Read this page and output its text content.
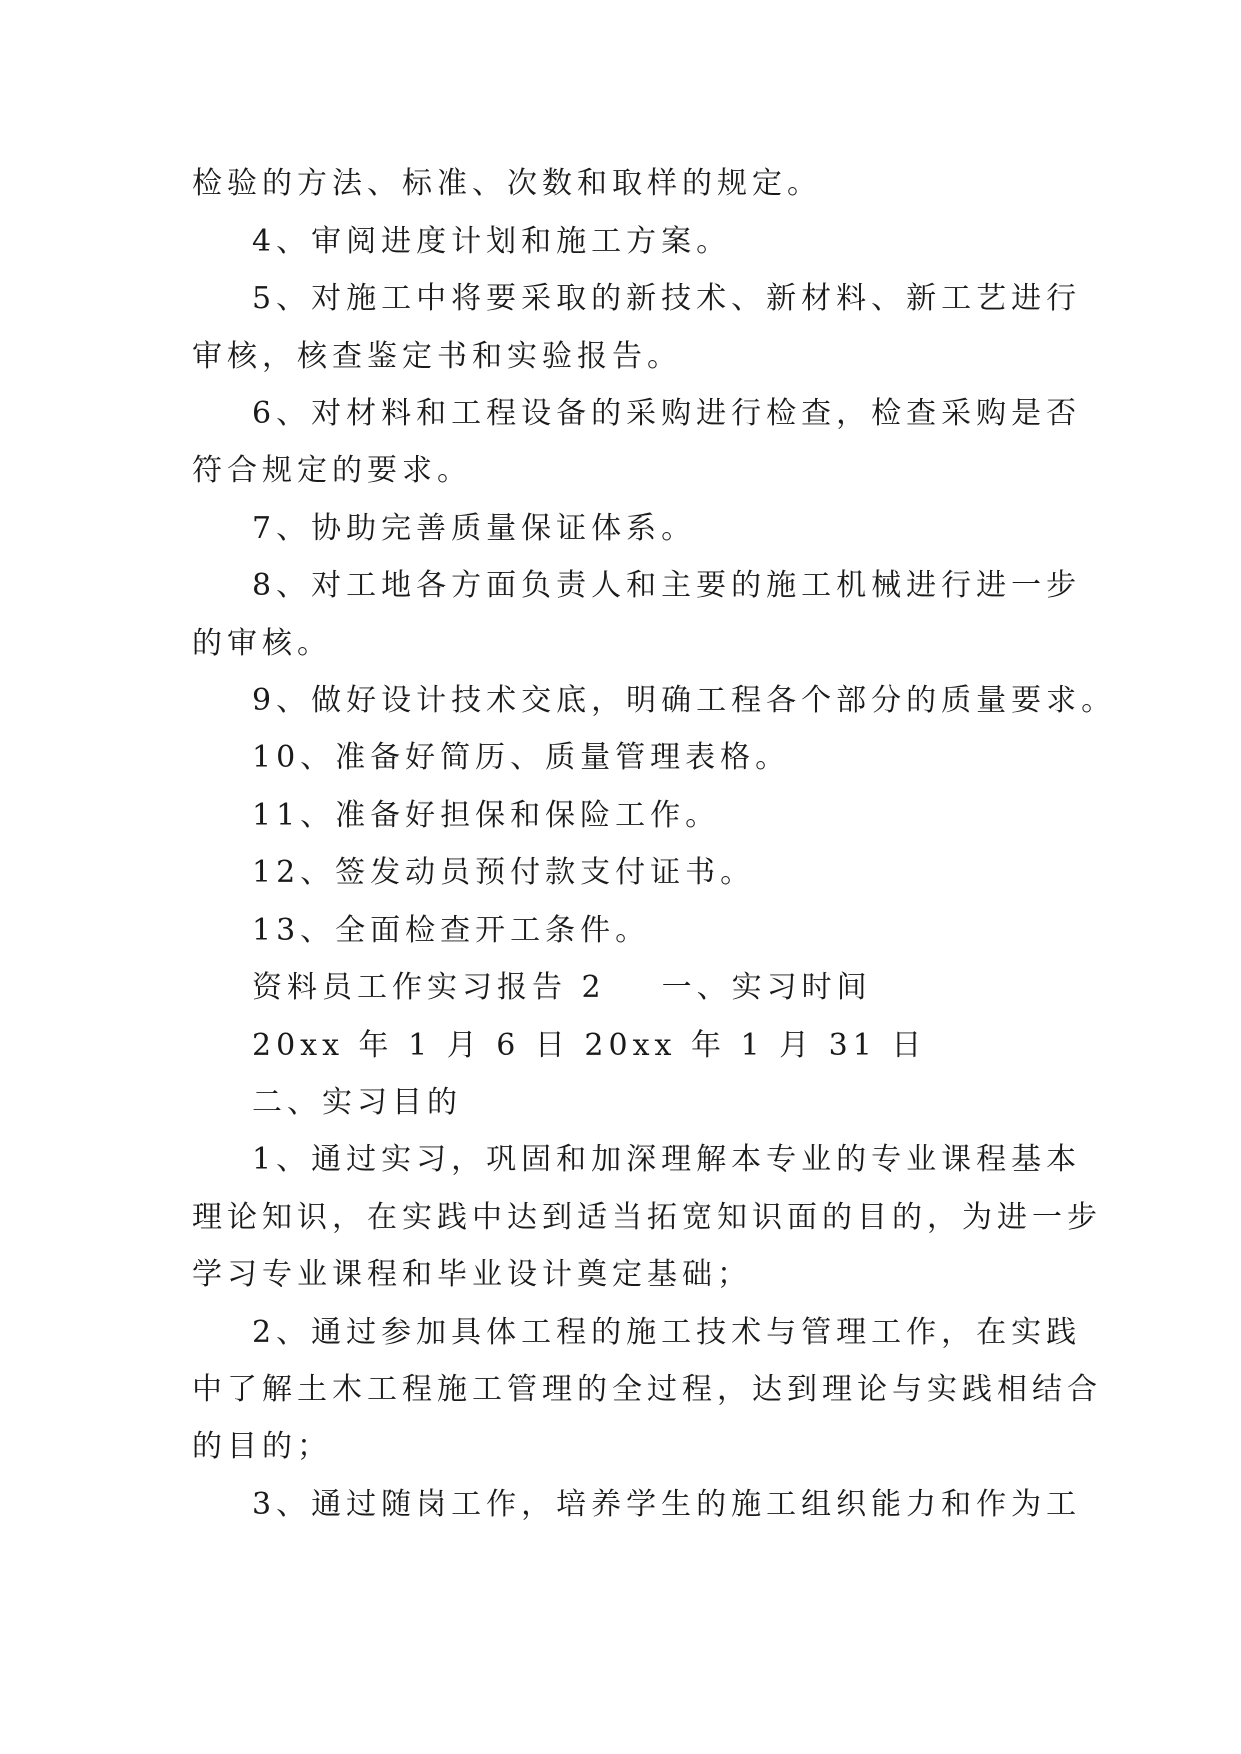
检验的方法、标准、次数和取样的规定。
4、审阅进度计划和施工方案。
5、对施工中将要采取的新技术、新材料、新工艺进行
审核，核查鉴定书和实验报告。
6、对材料和工程设备的采购进行检查，检查采购是否
符合规定的要求。
7、协助完善质量保证体系。
8、对工地各方面负责人和主要的施工机械进行进一步
的审核。
9、做好设计技术交底，明确工程各个部分的质量要求。
10、准备好简历、质量管理表格。
11、准备好担保和保险工作。
12、签发动员预付款支付证书。
13、全面检查开工条件。
资料员工作实习报告 2 一、实习时间
20xx 年 1 月 6 日 20xx 年 1 月 31 日
二、实习目的
1、通过实习，巩固和加深理解本专业的专业课程基本
理论知识，在实践中达到适当拓宽知识面的目的，为进一步
学习专业课程和毕业设计奠定基础；
2、通过参加具体工程的施工技术与管理工作，在实践
中了解土木工程施工管理的全过程，达到理论与实践相结合
的目的；
3、通过随岗工作，培养学生的施工组织能力和作为工
